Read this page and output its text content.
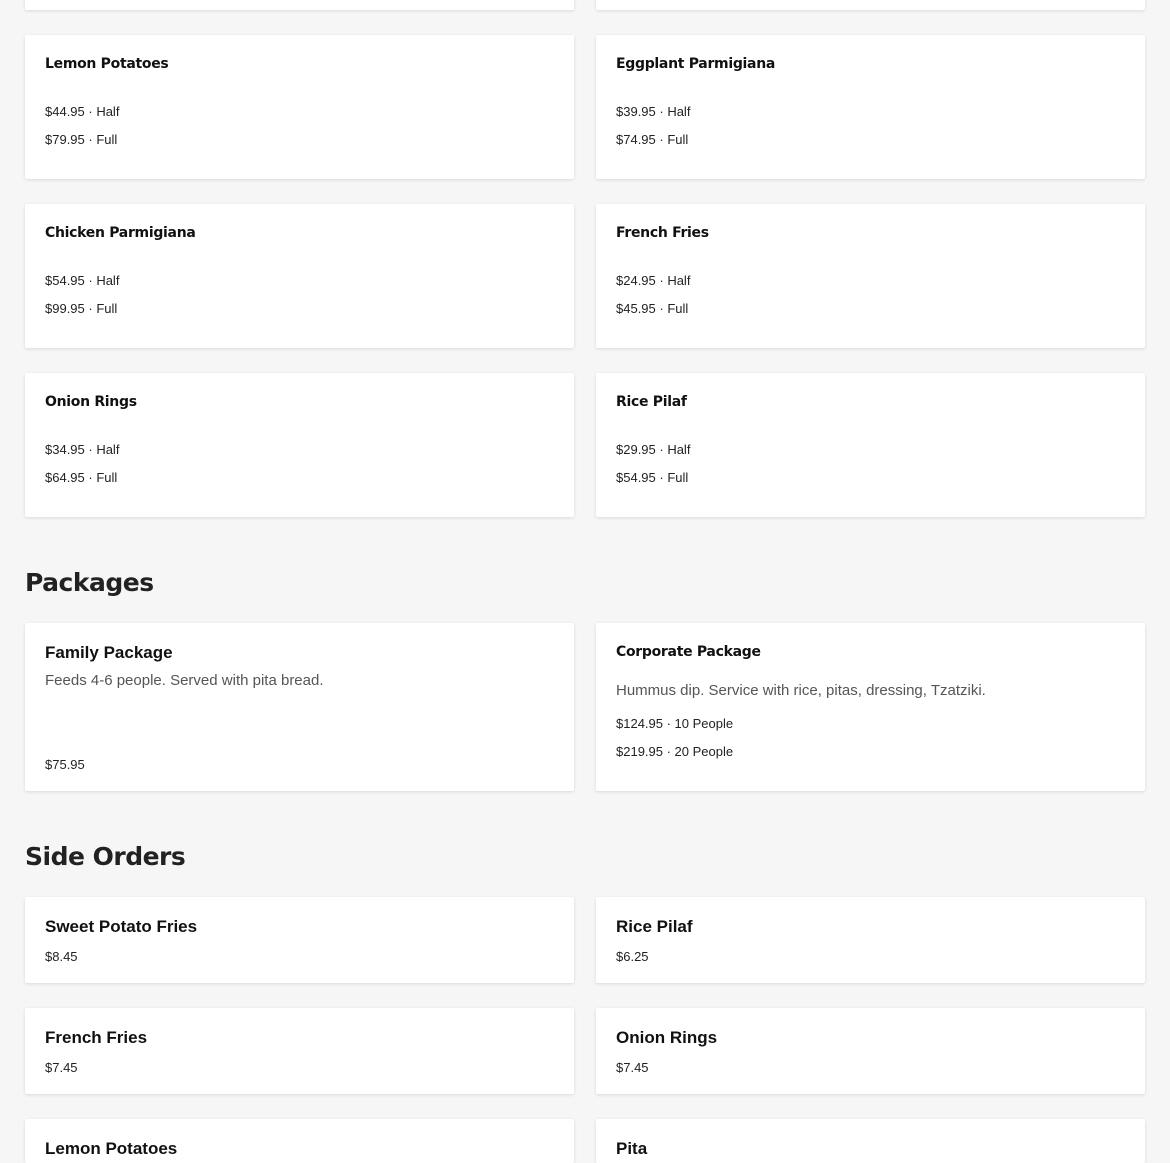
Lemon Potatoes
$44.95 · Half
$79.95 · Full
Eggplant Parmigiana
$39.95 · Half
$74.95 · Full
Chicken Parmigiana
$54.95 · Half
$99.95 · Full
French Fries
$24.95 · Half
$45.95 · Full
Onion Rings
$34.95 · Half
$64.95 · Full
Rice Pilaf
$29.95 · Half
$54.95 · Full
Packages
Family Package
Feeds 4-6 people. Served with pita bread.
$75.95
Corporate Package
Hummus dip. Service with rice, pitas, dressing, Tzatziki.
$124.95 · 10 People
$219.95 · 20 People
Side Orders
Sweet Potato Fries
$8.45
Rice Pilaf
$6.25
French Fries
$7.45
Onion Rings
$7.45
Lemon Potatoes	Pita
